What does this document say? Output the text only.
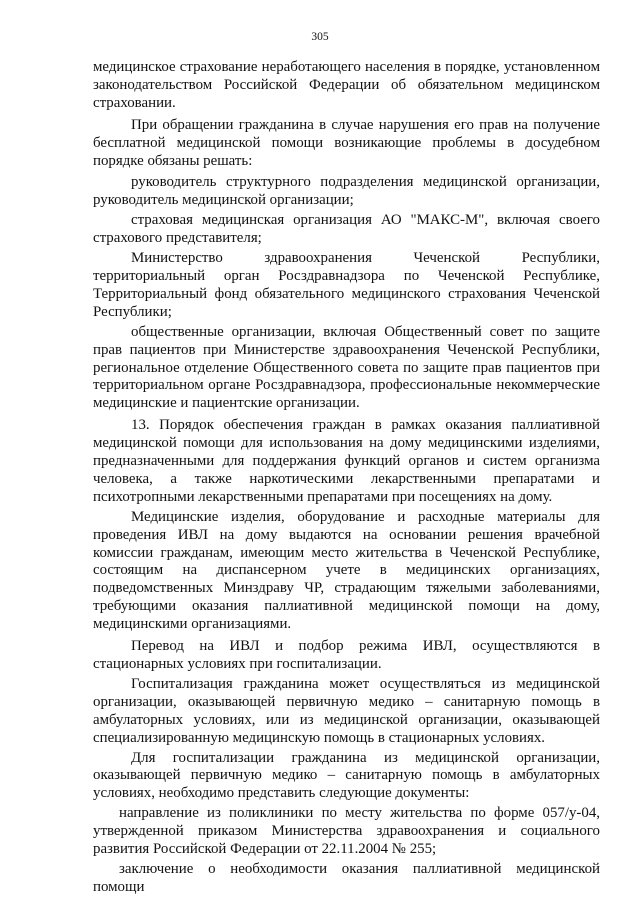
305

медицинское страхование неработающего населения в порядке, установленном законодательством Российской Федерации об обязательном медицинском страховании.

При обращении гражданина в случае нарушения его прав на получение бесплатной медицинской помощи возникающие проблемы в досудебном порядке обязаны решать:

руководитель структурного подразделения медицинской организации, руководитель медицинской организации;

страховая медицинская организация АО "МАКС-М", включая своего страхового представителя;

Министерство здравоохранения Чеченской Республики, территориальный орган Росздравнадзора по Чеченской Республике, Территориальный фонд обязательного медицинского страхования Чеченской Республики;

общественные организации, включая Общественный совет по защите прав пациентов при Министерстве здравоохранения Чеченской Республики, региональное отделение Общественного совета по защите прав пациентов при территориальном органе Росздравнадзора, профессиональные некоммерческие медицинские и пациентские организации.

13. Порядок обеспечения граждан в рамках оказания паллиативной медицинской помощи для использования на дому медицинскими изделиями, предназначенными для поддержания функций органов и систем организма человека, а также наркотическими лекарственными препаратами и психотропными лекарственными препаратами при посещениях на дому.

Медицинские изделия, оборудование и расходные материалы для проведения ИВЛ на дому выдаются на основании решения врачебной комиссии гражданам, имеющим место жительства в Чеченской Республике, состоящим на диспансерном учете в медицинских организациях, подведомственных Минздраву ЧР, страдающим тяжелыми заболеваниями, требующими оказания паллиативной медицинской помощи на дому, медицинскими организациями.

Перевод на ИВЛ и подбор режима ИВЛ, осуществляются в стационарных условиях при госпитализации.

Госпитализация гражданина может осуществляться из медицинской организации, оказывающей первичную медико – санитарную помощь в амбулаторных условиях, или из медицинской организации, оказывающей специализированную медицинскую помощь в стационарных условиях.

Для госпитализации гражданина из медицинской организации, оказывающей первичную медико – санитарную помощь в амбулаторных условиях, необходимо представить следующие документы:

направление из поликлиники по месту жительства по форме 057/у-04, утвержденной приказом Министерства здравоохранения и социального развития Российской Федерации от 22.11.2004 № 255;

заключение о необходимости оказания паллиативной медицинской помощи
